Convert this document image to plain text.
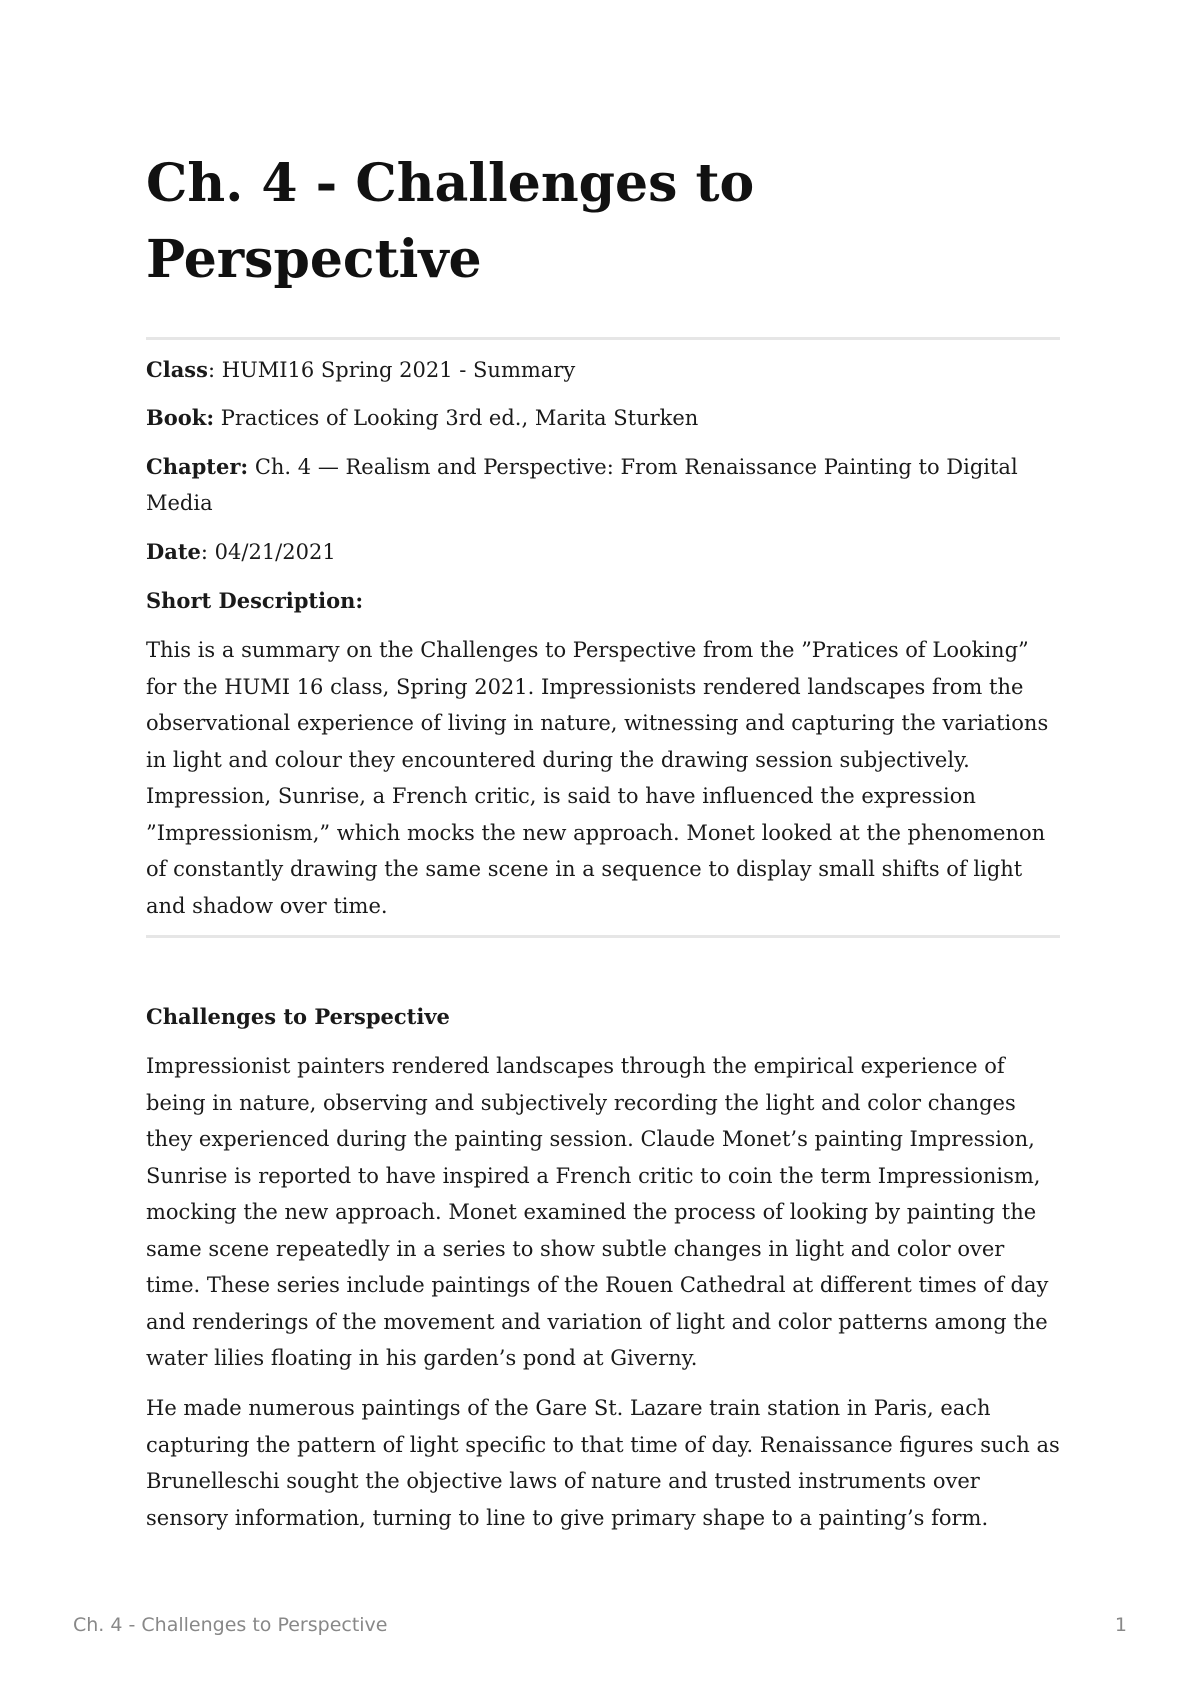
Ch. 4 - Challenges to Perspective

Class: HUMI16 Spring 2021 - Summary

Book: Practices of Looking 3rd ed., Marita Sturken

Chapter: Ch. 4 — Realism and Perspective: From Renaissance Painting to Digital Media

Date: 04/21/2021

Short Description:

This is a summary on the Challenges to Perspective from the ”Pratices of Looking” for the HUMI 16 class, Spring 2021. Impressionists rendered landscapes from the observational experience of living in nature, witnessing and capturing the variations in light and colour they encountered during the drawing session subjectively. Impression, Sunrise, a French critic, is said to have influenced the expression ”Impressionism,” which mocks the new approach. Monet looked at the phenomenon of constantly drawing the same scene in a sequence to display small shifts of light and shadow over time.

Challenges to Perspective

Impressionist painters rendered landscapes through the empirical experience of being in nature, observing and subjectively recording the light and color changes they experienced during the painting session. Claude Monet’s painting Impression, Sunrise is reported to have inspired a French critic to coin the term Impressionism, mocking the new approach. Monet examined the process of looking by painting the same scene repeatedly in a series to show subtle changes in light and color over time. These series include paintings of the Rouen Cathedral at different times of day and renderings of the movement and variation of light and color patterns among the water lilies floating in his garden’s pond at Giverny.

He made numerous paintings of the Gare St. Lazare train station in Paris, each capturing the pattern of light specific to that time of day. Renaissance figures such as Brunelleschi sought the objective laws of nature and trusted instruments over sensory information, turning to line to give primary shape to a painting’s form.

Ch. 4 - Challenges to Perspective	1
